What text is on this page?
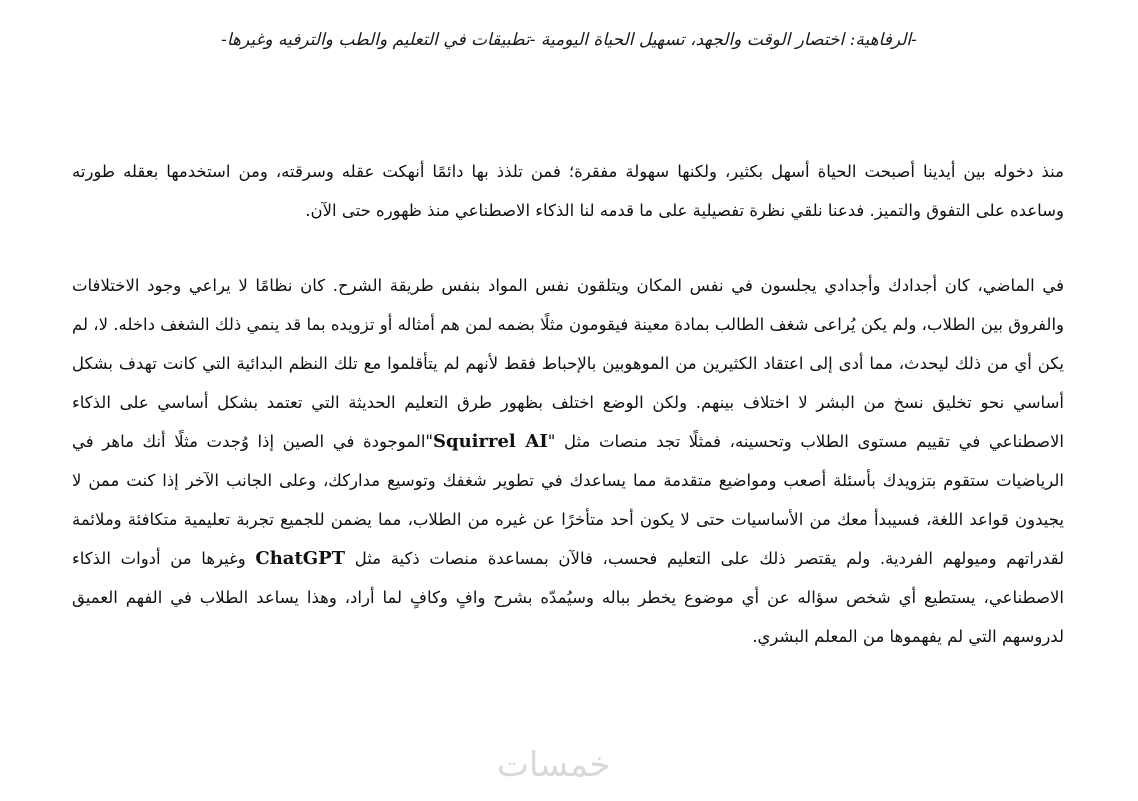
-الرفاهية: اختصار الوقت والجهد، تسهيل الحياة اليومية -تطبيقات في التعليم والطب والترفيه وغيرها-

منذ دخوله بين أيدينا أصبحت الحياة أسهل بكثير، ولكنها سهولة مفقرة؛ فمن تلذذ بها دائمًا أنهكت عقله وسرقته، ومن استخدمها بعقله طورته وساعده على التفوق والتميز. فدعنا نلقي نظرة تفصيلية على ما قدمه لنا الذكاء الاصطناعي منذ ظهوره حتى الآن.

في الماضي، كان أجدادك وأجدادي يجلسون في نفس المكان ويتلقون نفس المواد بنفس طريقة الشرح. كان نظامًا لا يراعي وجود الاختلافات والفروق بين الطلاب، ولم يكن يُراعى شغف الطالب بمادة معينة فيقومون مثلًا بضمه لمن هم أمثاله أو تزويده بما قد ينمي ذلك الشغف داخله. لا، لم يكن أي من ذلك ليحدث، مما أدى إلى اعتقاد الكثيرين من الموهوبين بالإحباط فقط لأنهم لم يتأقلموا مع تلك النظم البدائية التي كانت تهدف بشكل أساسي نحو تخليق نسخ من البشر لا اختلاف بينهم. ولكن الوضع اختلف بظهور طرق التعليم الحديثة التي تعتمد بشكل أساسي على الذكاء الاصطناعي في تقييم مستوى الطلاب وتحسينه، فمثلًا تجد منصات مثل "Squirrel AI"الموجودة في الصين إذا وُجدت مثلًا أنك ماهر في الرياضيات ستقوم بتزويدك بأسئلة أصعب ومواضيع متقدمة مما يساعدك في تطوير شغفك وتوسيع مداركك، وعلى الجانب الآخر إذا كنت ممن لا يجيدون قواعد اللغة، فسيبدأ معك من الأساسيات حتى لا يكون أحد متأخرًا عن غيره من الطلاب، مما يضمن للجميع تجربة تعليمية متكافئة وملائمة لقدراتهم وميولهم الفردية. ولم يقتصر ذلك على التعليم فحسب، فالآن بمساعدة منصات ذكية مثل ChatGPT وغيرها من أدوات الذكاء الاصطناعي، يستطيع أي شخص سؤاله عن أي موضوع يخطر بباله وسيُمدّه بشرح وافٍ وكافٍ لما أراد، وهذا يساعد الطلاب في الفهم العميق لدروسهم التي لم يفهموها من المعلم البشري.

خمسات
